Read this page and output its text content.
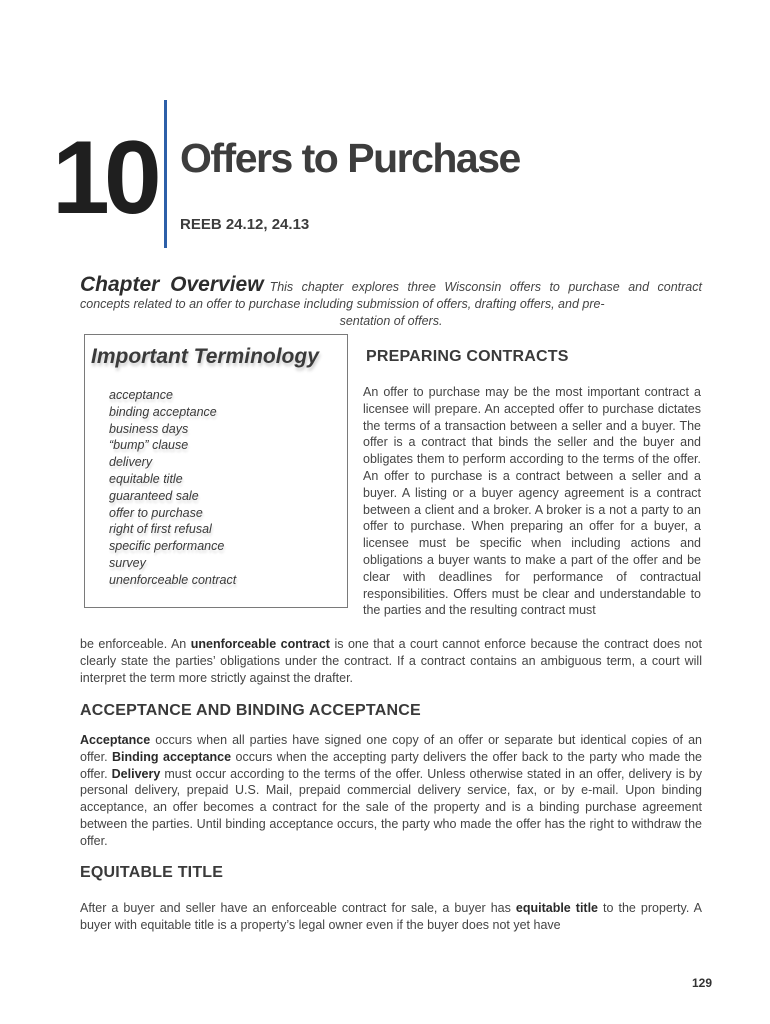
10 Offers to Purchase
REEB 24.12, 24.13
Chapter Overview This chapter explores three Wisconsin offers to purchase and contract concepts related to an offer to purchase including submission of offers, drafting offers, and pre-
sentation of offers.
Important Terminology
acceptance
binding acceptance
business days
“bump” clause
delivery
equitable title
guaranteed sale
offer to purchase
right of first refusal
specific performance
survey
unenforceable contract
PREPARING CONTRACTS
An offer to purchase may be the most important contract a licensee will prepare. An accepted offer to purchase dictates the terms of a transaction between a seller and a buyer. The offer is a contract that binds the seller and the buyer and obligates them to perform according to the terms of the offer. An offer to purchase is a contract between a seller and a buyer. A listing or a buyer agency agreement is a contract between a client and a broker. A broker is a not a party to an offer to purchase. When preparing an offer for a buyer, a licensee must be specific when including actions and obligations a buyer wants to make a part of the offer and be clear with deadlines for performance of contractual responsibilities. Offers must be clear and understandable to the parties and the resulting contract must
be enforceable. An unenforceable contract is one that a court cannot enforce because the contract does not clearly state the parties’ obligations under the contract. If a contract contains an ambiguous term, a court will interpret the term more strictly against the drafter.
ACCEPTANCE AND BINDING ACCEPTANCE
Acceptance occurs when all parties have signed one copy of an offer or separate but identical copies of an offer. Binding acceptance occurs when the accepting party delivers the offer back to the party who made the offer. Delivery must occur according to the terms of the offer. Unless otherwise stated in an offer, delivery is by personal delivery, prepaid U.S. Mail, prepaid commercial delivery service, fax, or by e-mail. Upon binding acceptance, an offer becomes a contract for the sale of the property and is a binding purchase agreement between the parties. Until binding acceptance occurs, the party who made the offer has the right to withdraw the offer.
EQUITABLE TITLE
After a buyer and seller have an enforceable contract for sale, a buyer has equitable title to the property. A buyer with equitable title is a property’s legal owner even if the buyer does not yet have
129
